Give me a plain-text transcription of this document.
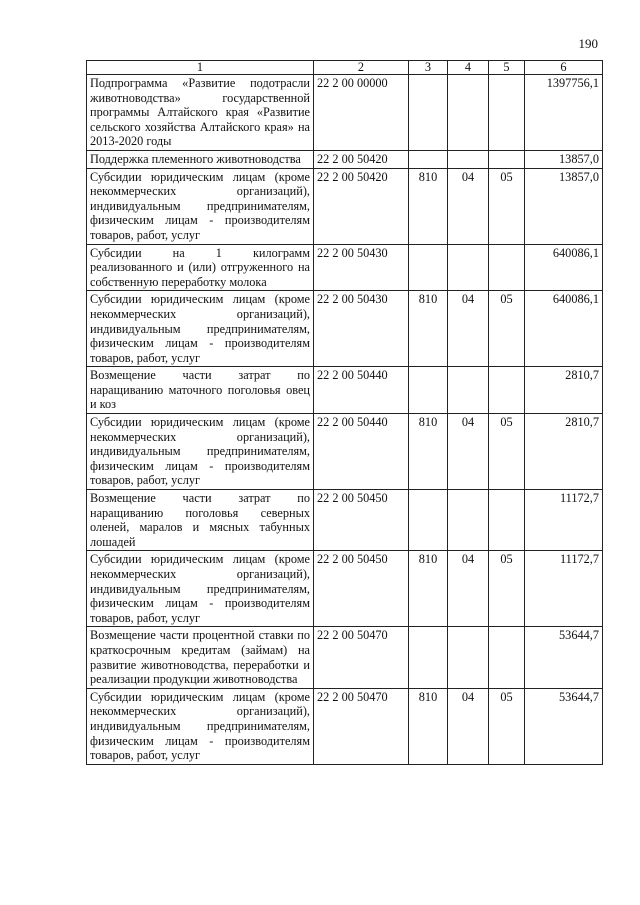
190
1	2	3	4	5	6
Подпрограмма «Развитие подотрасли животноводства» государственной программы Алтайского края «Развитие сельского хозяйства Алтайского края» на 2013-2020 годы	22 2 00 00000				1397756,1
Поддержка племенного животноводства	22 2 00 50420				13857,0
Субсидии юридическим лицам (кроме некоммерческих организаций), индивидуальным предпринимателям, физическим лицам - производителям товаров, работ, услуг	22 2 00 50420	810	04	05	13857,0
Субсидии на 1 килограмм реализованного и (или) отгруженного на собственную переработку молока	22 2 00 50430				640086,1
Субсидии юридическим лицам (кроме некоммерческих организаций), индивидуальным предпринимателям, физическим лицам - производителям товаров, работ, услуг	22 2 00 50430	810	04	05	640086,1
Возмещение части затрат по наращиванию маточного поголовья овец и коз	22 2 00 50440				2810,7
Субсидии юридическим лицам (кроме некоммерческих организаций), индивидуальным предпринимателям, физическим лицам - производителям товаров, работ, услуг	22 2 00 50440	810	04	05	2810,7
Возмещение части затрат по наращиванию поголовья северных оленей, маралов и мясных табунных лошадей	22 2 00 50450				11172,7
Субсидии юридическим лицам (кроме некоммерческих организаций), индивидуальным предпринимателям, физическим лицам - производителям товаров, работ, услуг	22 2 00 50450	810	04	05	11172,7
Возмещение части процентной ставки по краткосрочным кредитам (займам) на развитие животноводства, переработки и реализации продукции животноводства	22 2 00 50470				53644,7
Субсидии юридическим лицам (кроме некоммерческих организаций), индивидуальным предпринимателям, физическим лицам - производителям товаров, работ, услуг	22 2 00 50470	810	04	05	53644,7
